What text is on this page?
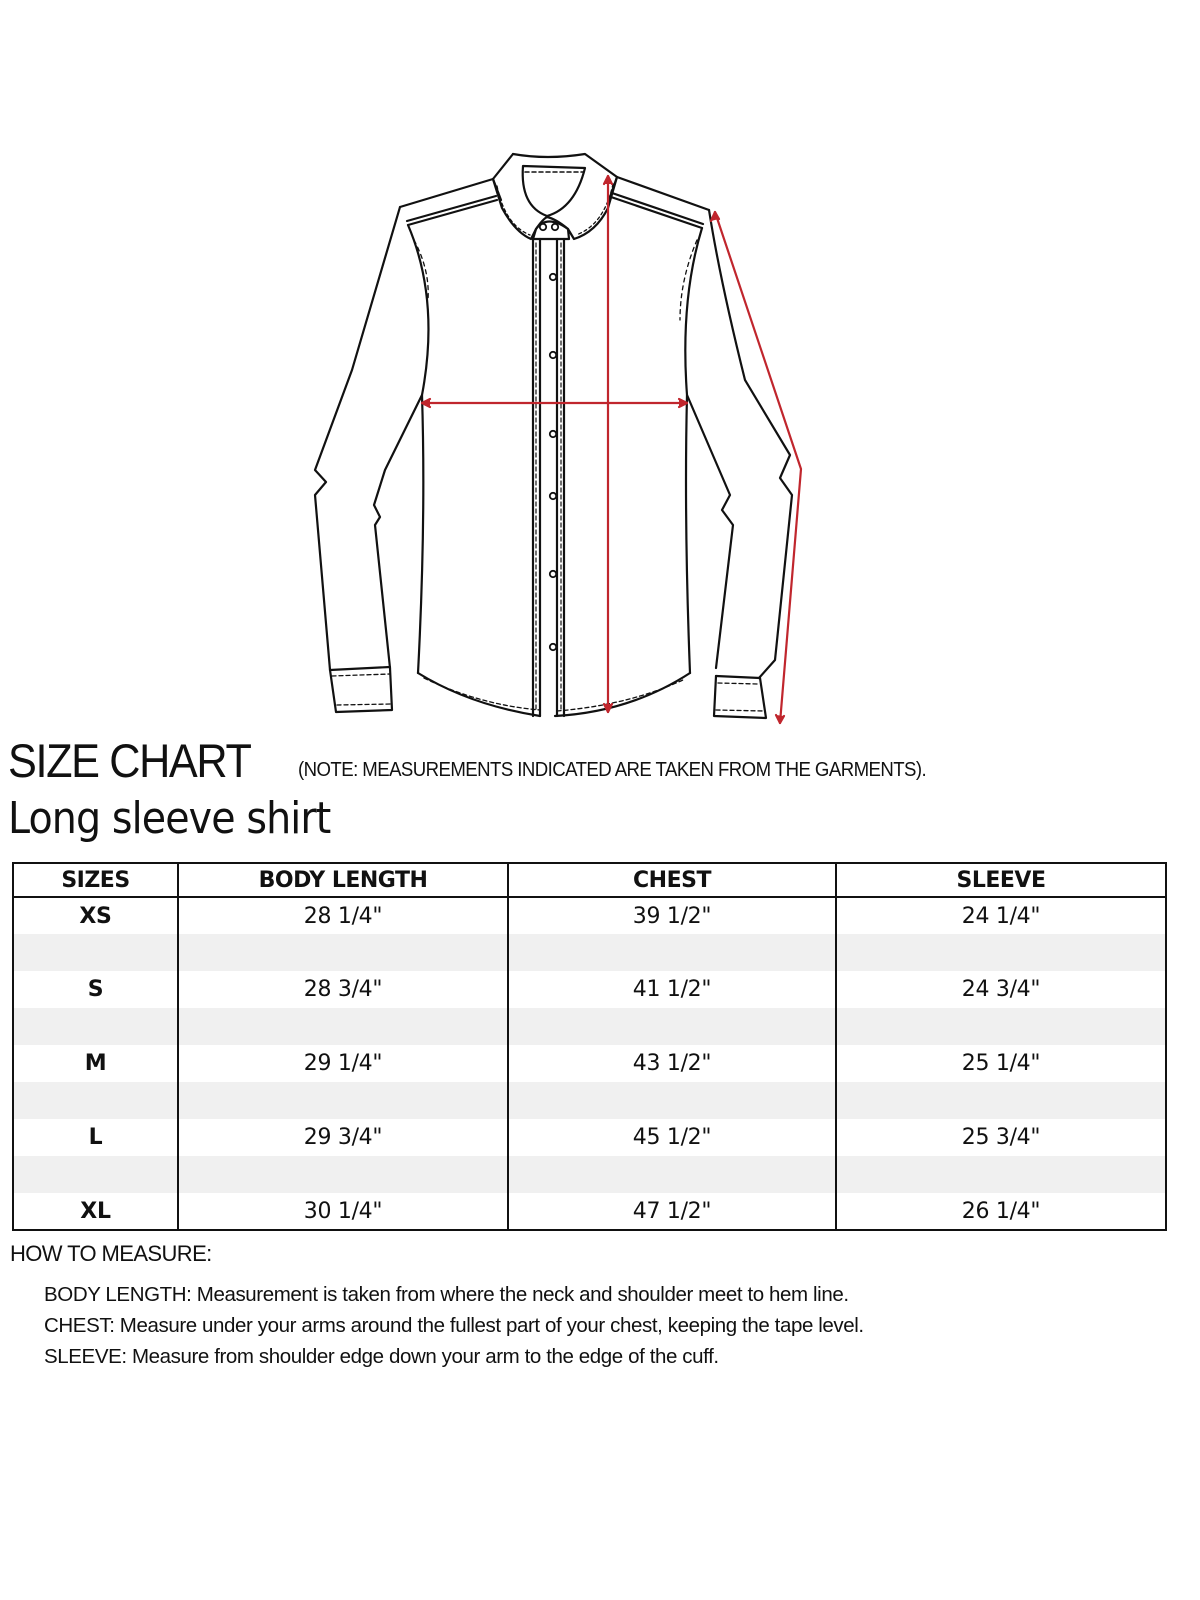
SIZE CHART (NOTE: MEASUREMENTS INDICATED ARE TAKEN FROM THE GARMENTS).
Long sleeve shirt
SIZES	BODY LENGTH	CHEST	SLEEVE
XS	28 1/4"	39 1/2"	24 1/4"

S	28 3/4"	41 1/2"	24 3/4"

M	29 1/4"	43 1/2"	25 1/4"

L	29 3/4"	45 1/2"	25 3/4"

XL	30 1/4"	47 1/2"	26 1/4"
HOW TO MEASURE:
BODY LENGTH: Measurement is taken from where the neck and shoulder meet to hem line.
CHEST: Measure under your arms around the fullest part of your chest, keeping the tape level.
SLEEVE: Measure from shoulder edge down your arm to the edge of the cuff.
